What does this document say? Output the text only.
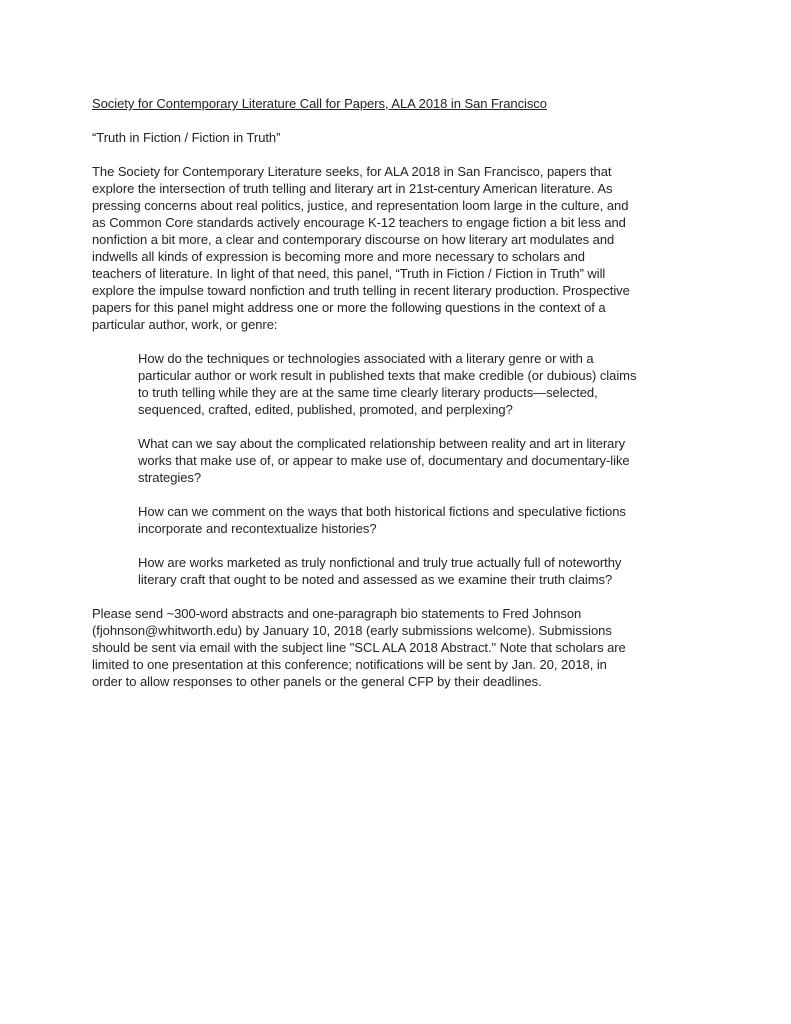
Society for Contemporary Literature Call for Papers, ALA 2018 in San Francisco

“Truth in Fiction / Fiction in Truth”

The Society for Contemporary Literature seeks, for ALA 2018 in San Francisco, papers that
explore the intersection of truth telling and literary art in 21st-century American literature. As
pressing concerns about real politics, justice, and representation loom large in the culture, and
as Common Core standards actively encourage K-12 teachers to engage fiction a bit less and
nonfiction a bit more, a clear and contemporary discourse on how literary art modulates and
indwells all kinds of expression is becoming more and more necessary to scholars and
teachers of literature. In light of that need, this panel, “Truth in Fiction / Fiction in Truth” will
explore the impulse toward nonfiction and truth telling in recent literary production. Prospective
papers for this panel might address one or more the following questions in the context of a
particular author, work, or genre:
How do the techniques or technologies associated with a literary genre or with a
particular author or work result in published texts that make credible (or dubious) claims
to truth telling while they are at the same time clearly literary products—selected,
sequenced, crafted, edited, published, promoted, and perplexing?
What can we say about the complicated relationship between reality and art in literary
works that make use of, or appear to make use of, documentary and documentary-like
strategies?
How can we comment on the ways that both historical fictions and speculative fictions
incorporate and recontextualize histories?
How are works marketed as truly nonfictional and truly true actually full of noteworthy
literary craft that ought to be noted and assessed as we examine their truth claims?
Please send ~300-word abstracts and one-paragraph bio statements to Fred Johnson
(fjohnson@whitworth.edu) by January 10, 2018 (early submissions welcome). Submissions
should be sent via email with the subject line "SCL ALA 2018 Abstract." Note that scholars are
limited to one presentation at this conference; notifications will be sent by Jan. 20, 2018, in
order to allow responses to other panels or the general CFP by their deadlines.
